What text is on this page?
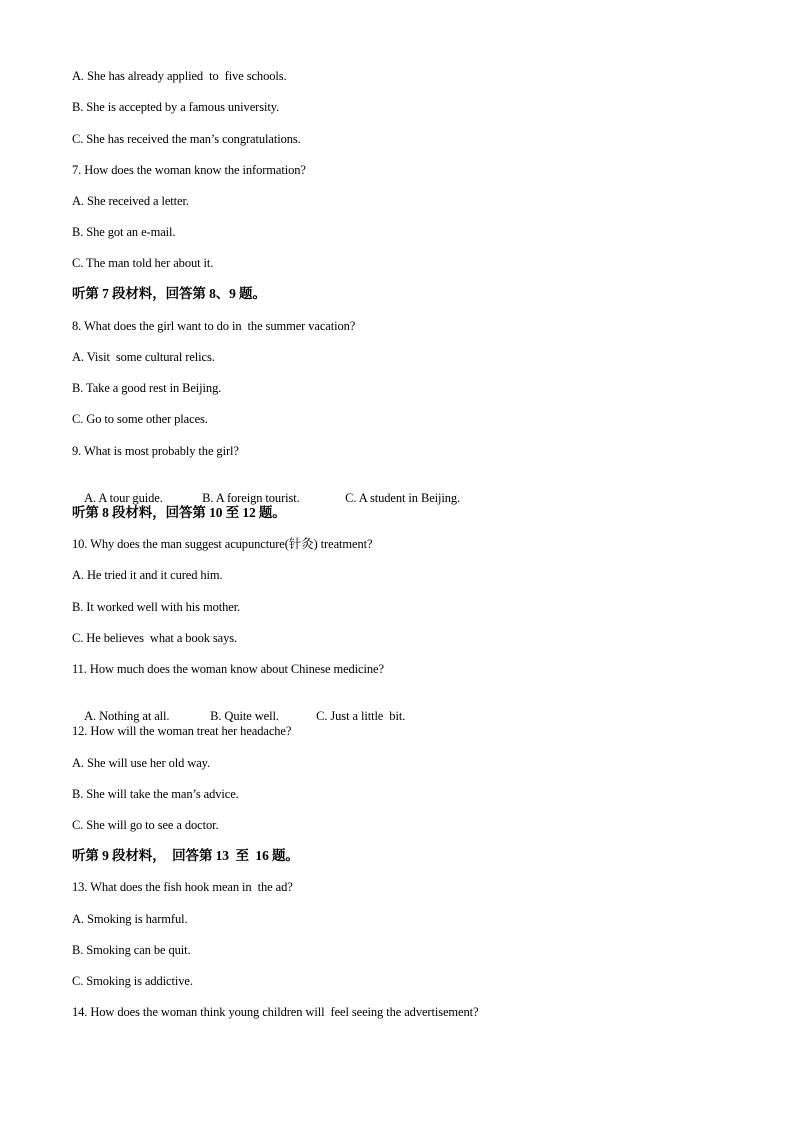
A. She has already applied  to  five schools.
B. She is accepted by a famous university.
C. She has received the man’s congratulations.
7. How does the woman know the information?
A. She received a letter.
B. She got an e-mail.
C. The man told her about it.
听第 7 段材料，回答第 8、9 题。
8. What does the girl want to do in  the summer vacation?
A. Visit  some cultural relics.
B. Take a good rest in Beijing.
C. Go to some other places.
9. What is most probably the girl?

A. A tour guide.	B. A foreign tourist.	C. A student in Beijing.

听第 8 段材料，回答第 10 至 12 题。
10. Why does the man suggest acupuncture(针灸) treatment?
A. He tried it and it cured him.
B. It worked well with his mother.
C. He believes  what a book says.
11. How much does the woman know about Chinese medicine?

A. Nothing at all.	B. Quite well.	C. Just a little  bit.

12. How will the woman treat her headache?
A. She will use her old way.
B. She will take the man’s advice.
C. She will go to see a doctor.
听第 9 段材料，  回答第 13  至  16 题。
13. What does the fish hook mean in  the ad?
A. Smoking is harmful.
B. Smoking can be quit.
C. Smoking is addictive.
14. How does the woman think young children will  feel seeing the advertisement?
